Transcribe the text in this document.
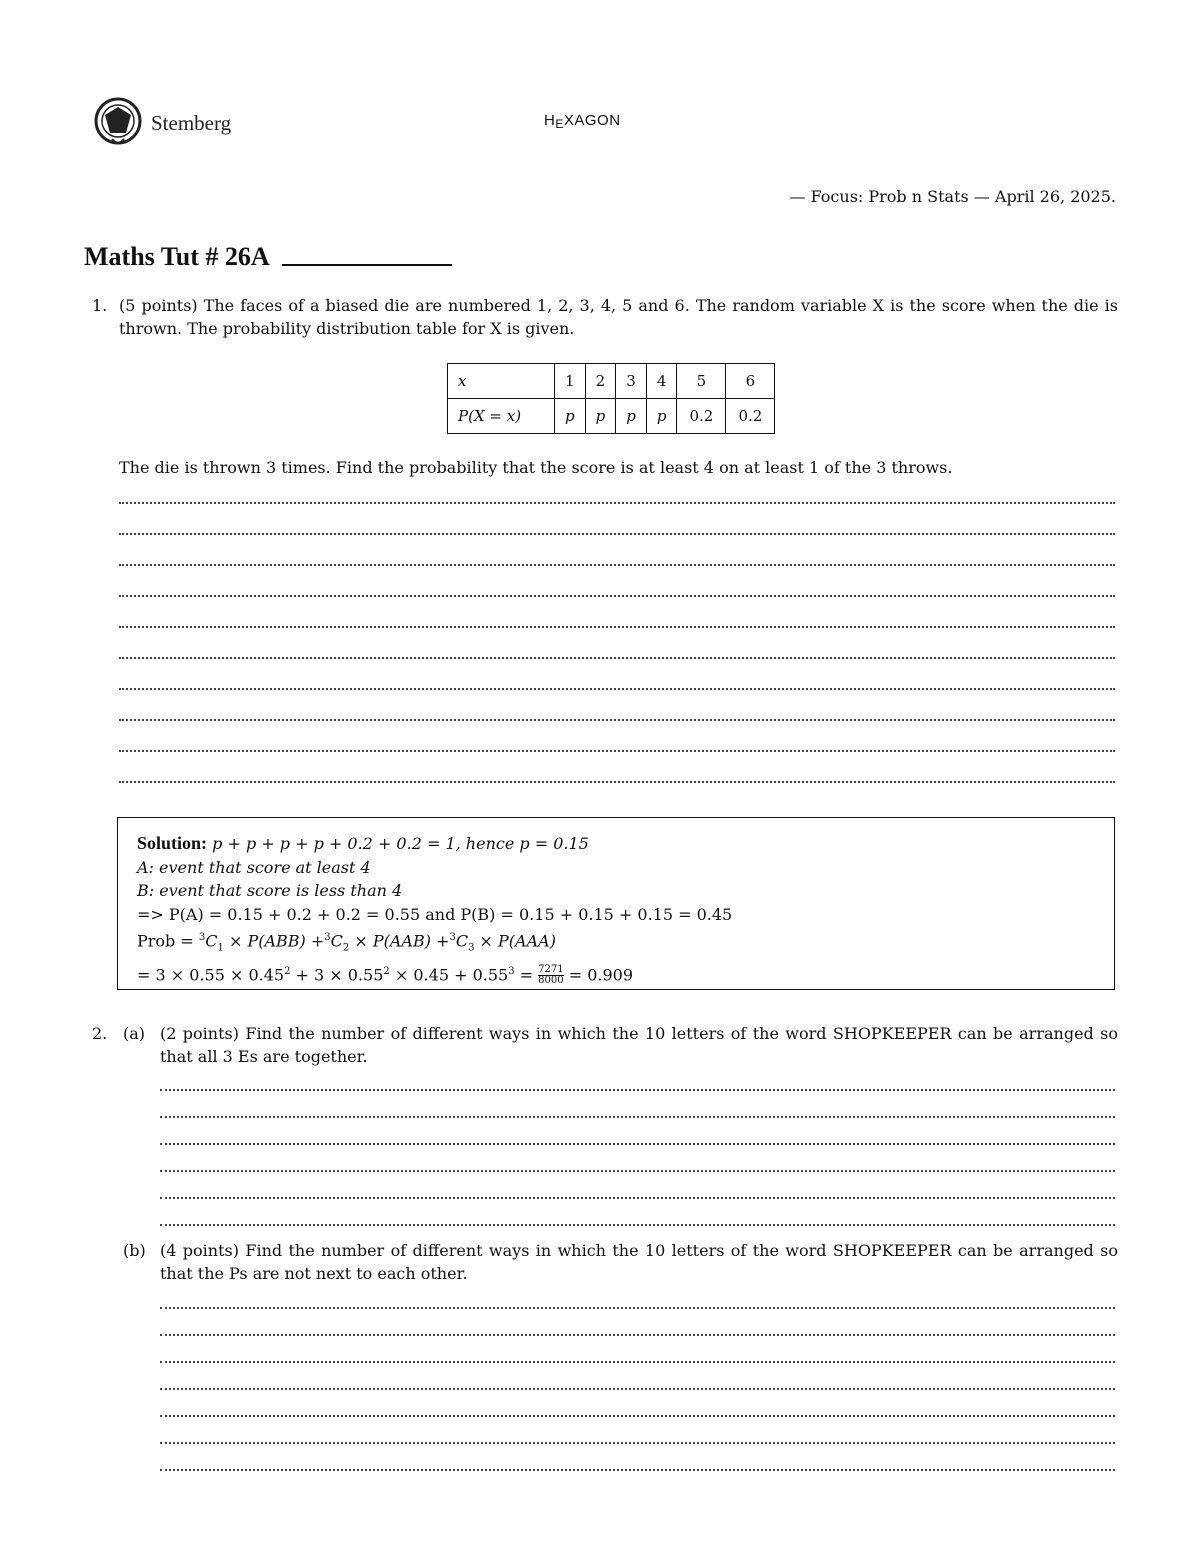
Stemberg	$H_EXAGON$
— Focus: Prob n Stats — April 26, 2025.
Maths Tut # 26A
1. (5 points) The faces of a biased die are numbered 1, 2, 3, 4, 5 and 6. The random variable X is the score when the die is thrown. The probability distribution table for X is given.
x	1	2	3	4	5	6
P(X = x)	p	p	p	p	0.2	0.2
The die is thrown 3 times. Find the probability that the score is at least 4 on at least 1 of the 3 throws.
Solution: p + p + p + p + 0.2 + 0.2 = 1, hence p = 0.15
A: event that score at least 4
B: event that score is less than 4
=> P(A) = 0.15 + 0.2 + 0.2 = 0.55 and P(B) = 0.15 + 0.15 + 0.15 = 0.45
Prob = $^3C_1 \times P(ABB) +^3C_2 \times P(AAB) +^3C_3 \times P(AAA)$
= $3 \times 0.55 \times 0.45^2 + 3 \times 0.55^2 \times 0.45 + 0.55^3 = \frac{7271}{8000} = 0.909$
2. (a) (2 points) Find the number of different ways in which the 10 letters of the word SHOPKEEPER can be arranged so that all 3 Es are together.
(b) (4 points) Find the number of different ways in which the 10 letters of the word SHOPKEEPER can be arranged so that the Ps are not next to each other.
